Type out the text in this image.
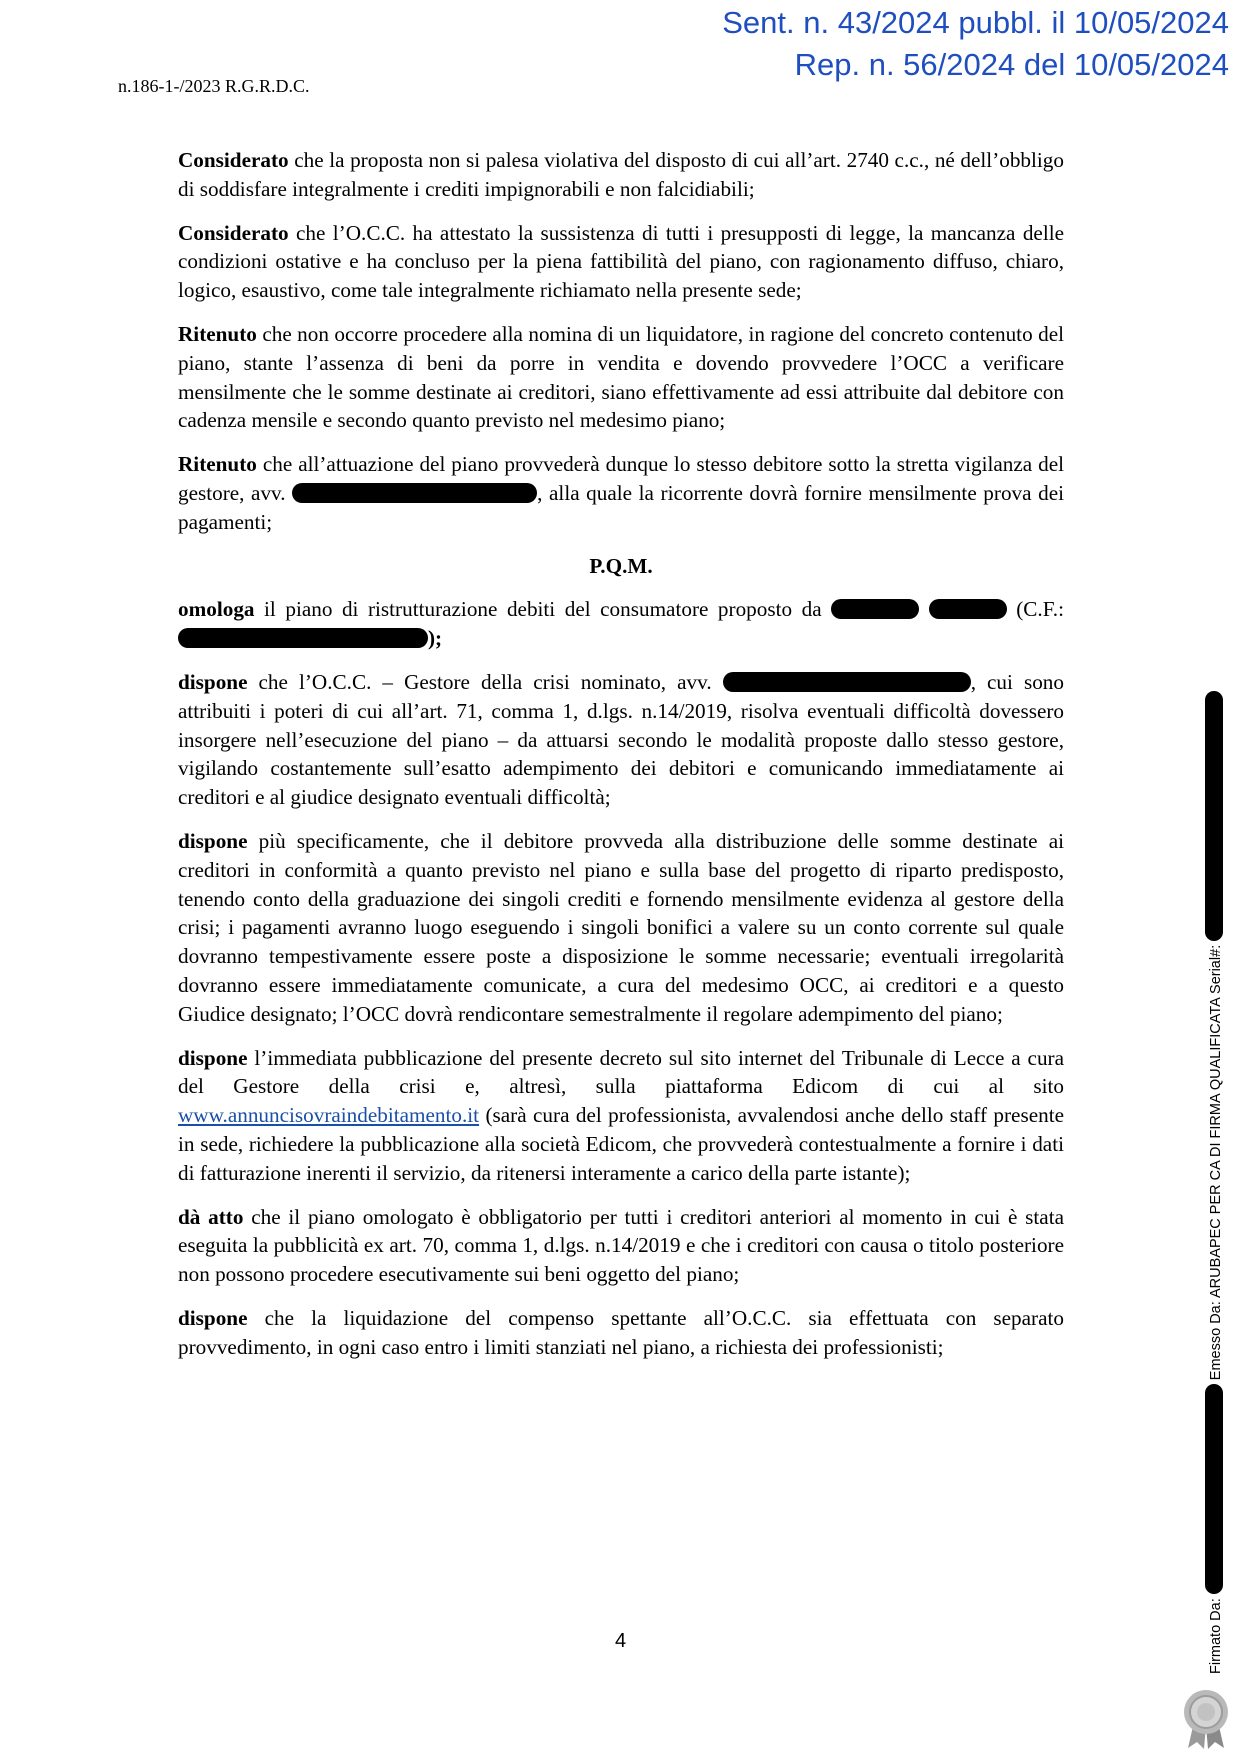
Sent. n. 43/2024 pubbl. il 10/05/2024
Rep. n. 56/2024 del 10/05/2024
n.186-1-/2023 R.G.R.D.C.

Considerato che la proposta non si palesa violativa del disposto di cui all’art. 2740 c.c., né dell’obbligo di soddisfare integralmente i crediti impignorabili e non falcidiabili;

Considerato che l’O.C.C. ha attestato la sussistenza di tutti i presupposti di legge, la mancanza delle condizioni ostative e ha concluso per la piena fattibilità del piano, con ragionamento diffuso, chiaro, logico, esaustivo, come tale integralmente richiamato nella presente sede;

Ritenuto che non occorre procedere alla nomina di un liquidatore, in ragione del concreto contenuto del piano, stante l’assenza di beni da porre in vendita e dovendo provvedere l’OCC a verificare mensilmente che le somme destinate ai creditori, siano effettivamente ad essi attribuite dal debitore con cadenza mensile e secondo quanto previsto nel medesimo piano;

Ritenuto che all’attuazione del piano provvederà dunque lo stesso debitore sotto la stretta vigilanza del gestore, avv.	, alla quale la ricorrente dovrà fornire mensilmente prova dei pagamenti;

P.Q.M.

omologa il piano di ristrutturazione debiti del consumatore proposto da	(C.F.:);

dispone che l’O.C.C. – Gestore della crisi nominato, avv.	, cui sono attribuiti i poteri di cui all’art. 71, comma 1, d.lgs. n.14/2019, risolva eventuali difficoltà dovessero insorgere nell’esecuzione del piano – da attuarsi secondo le modalità proposte dallo stesso gestore, vigilando costantemente sull’esatto adempimento dei debitori e comunicando immediatamente ai creditori e al giudice designato eventuali difficoltà;

dispone più specificamente, che il debitore provveda alla distribuzione delle somme destinate ai creditori in conformità a quanto previsto nel piano e sulla base del progetto di riparto predisposto, tenendo conto della graduazione dei singoli crediti e fornendo mensilmente evidenza al gestore della crisi; i pagamenti avranno luogo eseguendo i singoli bonifici a valere su un conto corrente sul quale dovranno tempestivamente essere poste a disposizione le somme necessarie; eventuali irregolarità dovranno essere immediatamente comunicate, a cura del medesimo OCC, ai creditori e a questo Giudice designato; l’OCC dovrà rendicontare semestralmente il regolare adempimento del piano;

dispone l’immediata pubblicazione del presente decreto sul sito internet del Tribunale di Lecce a cura del Gestore della crisi e, altresì, sulla piattaforma Edicom di cui al sito www.annuncisovraindebitamento.it (sarà cura del professionista, avvalendosi anche dello staff presente in sede, richiedere la pubblicazione alla società Edicom, che provvederà contestualmente a fornire i dati di fatturazione inerenti il servizio, da ritenersi interamente a carico della parte istante);

dà atto che il piano omologato è obbligatorio per tutti i creditori anteriori al momento in cui è stata eseguita la pubblicità ex art. 70, comma 1, d.lgs. n.14/2019 e che i creditori con causa o titolo posteriore non possono procedere esecutivamente sui beni oggetto del piano;

dispone che la liquidazione del compenso spettante all’O.C.C. sia effettuata con separato provvedimento, in ogni caso entro i limiti stanziati nel piano, a richiesta dei professionisti;

4	Firmato Da:  Emesso Da: ARUBAPEC PER CA DI FIRMA QUALIFICATA Serial#:
